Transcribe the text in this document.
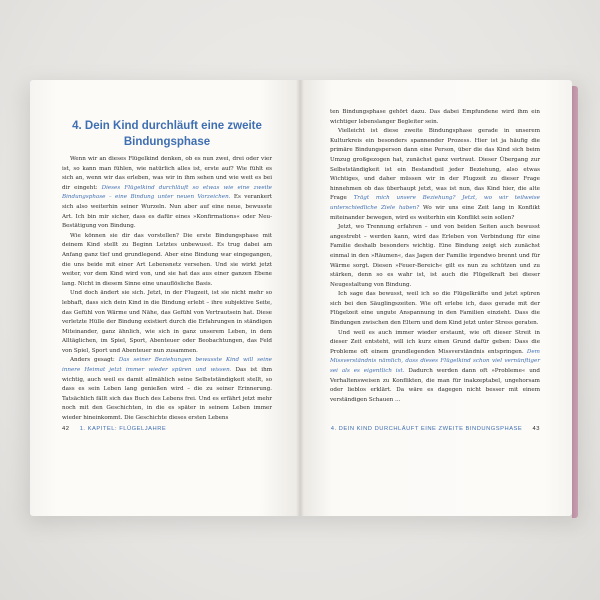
4. Dein Kind durchläuft eine zweite
Bindungsphase

Wenn wir an dieses Flügelkind denken, ob es nun zwei, drei oder vier ist, so kann man fühlen, wie natürlich alles ist, erste auf? Wie fühlt es sich an, wenn wir das erleben, was wir in ihm sehen und wie weit es bei dir eingeht: Dieses Flügelkind durchläuft so etwas wie eine zweite Bindungsphase – eine Bindung unter neuen Vorzeichen. Es verankert sich also weiterhin seiner Wurzeln. Nun aber auf eine neue, bewusste Art. Ich bin mir sicher, dass es dafür eines »Konfirmations« oder Neu-Bestätigung von Bindung.

Wie können sie dir das vorstellen? Die erste Bindungsphase mit deinem Kind stellt zu Beginn Letztes unbewusst. Es trug dabei am Anfang ganz tief und grundlegend. Aber eine Bindung war eingegangen, die uns beide mit einer Art Lebensnetz versehen. Und sie wirkt jetzt weiter, vor dem Kind wird von, und sie hat das aus einer ganzen Ebene lang. Nicht in diesem Sinne eine unauflösliche Basis.

Und doch ändert sie sich. Jetzt, in der Flugzeit, ist sie nicht mehr so lebhaft, dass sich dein Kind in die Bindung erlebt – ihre subjektive Seite, das Gefühl von Wärme und Nähe, das Gefühl von Vertrautsein hat. Diese verletzte Hülle der Bindung existiert durch die Erfahrungen in ständigen Miteinander, ganz ähnlich, wie sich in ganz unserem Leben, in dem Alltäglichen, im Spiel, Sport, Abenteuer oder Beobachtungen, das Feld von Spiel, Sport und Abenteuer nun zusammen.

Anders gesagt: Das seiner Beziehungen bewusste Kind will seine innere Heimat jetzt immer wieder spüren und wissen. Das ist ihm wichtig, auch weil es damit allmählich seine Selbstständigkeit stellt, so dass es sein Leben lang genießen wird – die zu seiner Erinnerung. Tatsächlich fällt sich das Buch des Lebens frei. Und es erfährt jetzt mehr noch mit den Geschichten, in die es später in seinem Leben immer wieder hineinkommt. Die Geschichte dieses ersten Lebens

ten Bindungsphase gehört dazu. Das dabei Empfundene wird ihm ein wichtiger lebenslanger Begleiter sein.

Vielleicht ist diese zweite Bindungsphase gerade in unserem Kulturkreis ein besonders spannender Prozess. Hier ist ja häufig die primäre Bindungsperson dann eine Person, über die das Kind sich beim Umzug großgezogen hat, zunächst ganz vertraut. Dieser Übergang zur Selbstständigkeit ist ein Bestandteil jeder Beziehung, also etwas Wichtiges, und daher müssen wir in der Flugzeit zu dieser Frage hinnehmen ob das überhaupt jetzt, was ist nun, das Kind hier, die alte Frage Trägt mich unsere Beziehung? Jetzt, wo wir teilweise unterschiedliche Ziele haben? Wo wir uns eine Zeit lang in Konflikt miteinander bewegen, wird es weiterhin ein Konflikt sein sollen?

Jetzt, wo Trennung erfahren – und von beiden Seiten auch bewusst angestrebt – werden kann, wird das Erleben von Verbindung für eine Familie deshalb besonders wichtig. Eine Bindung zeigt sich zunächst einmal in den »Räumen«, das Jagen der Familie irgendwo brennt und für Wärme sorgt. Diesen »Feuer-Bereich« gilt es nun zu schützen und zu stärken, denn so es wahr ist, ist auch die Flügelkraft bei dieser Neugestaltung von Bindung.

Ich sage das bewusst, weil ich so die Flügelkräfte und jetzt spüren sich bei den Säuglingszeiten. Wie oft erlebe ich, dass gerade mit der Flügelzeit eine ungute Anspannung in den Familien einzieht. Dass die Bindungen zwischen den Eltern und dem Kind jetzt unter Stress geraten.

Und weil es auch immer wieder erstaunt, wie oft dieser Streit in dieser Zeit entsteht, will ich kurz einen Grund dafür geben: Dass die Probleme oft einem grundlegenden Missverständnis entspringen. Dem Missverständnis nämlich, dass dieses Flügelkind schon viel vernünftiger sei als es eigentlich ist. Dadurch werden dann oft »Probleme« und Verhaltensweisen zu Konflikten, die man für inakzeptabel, ungehorsam oder lieblos erklärt. Da wäre es dagegen nicht besser mit einem verständigen Schauen …

42 1. KAPITEL: FLÜGELJAHRE	4. DEIN KIND DURCHLÄUFT EINE ZWEITE BINDUNGSPHASE 43
